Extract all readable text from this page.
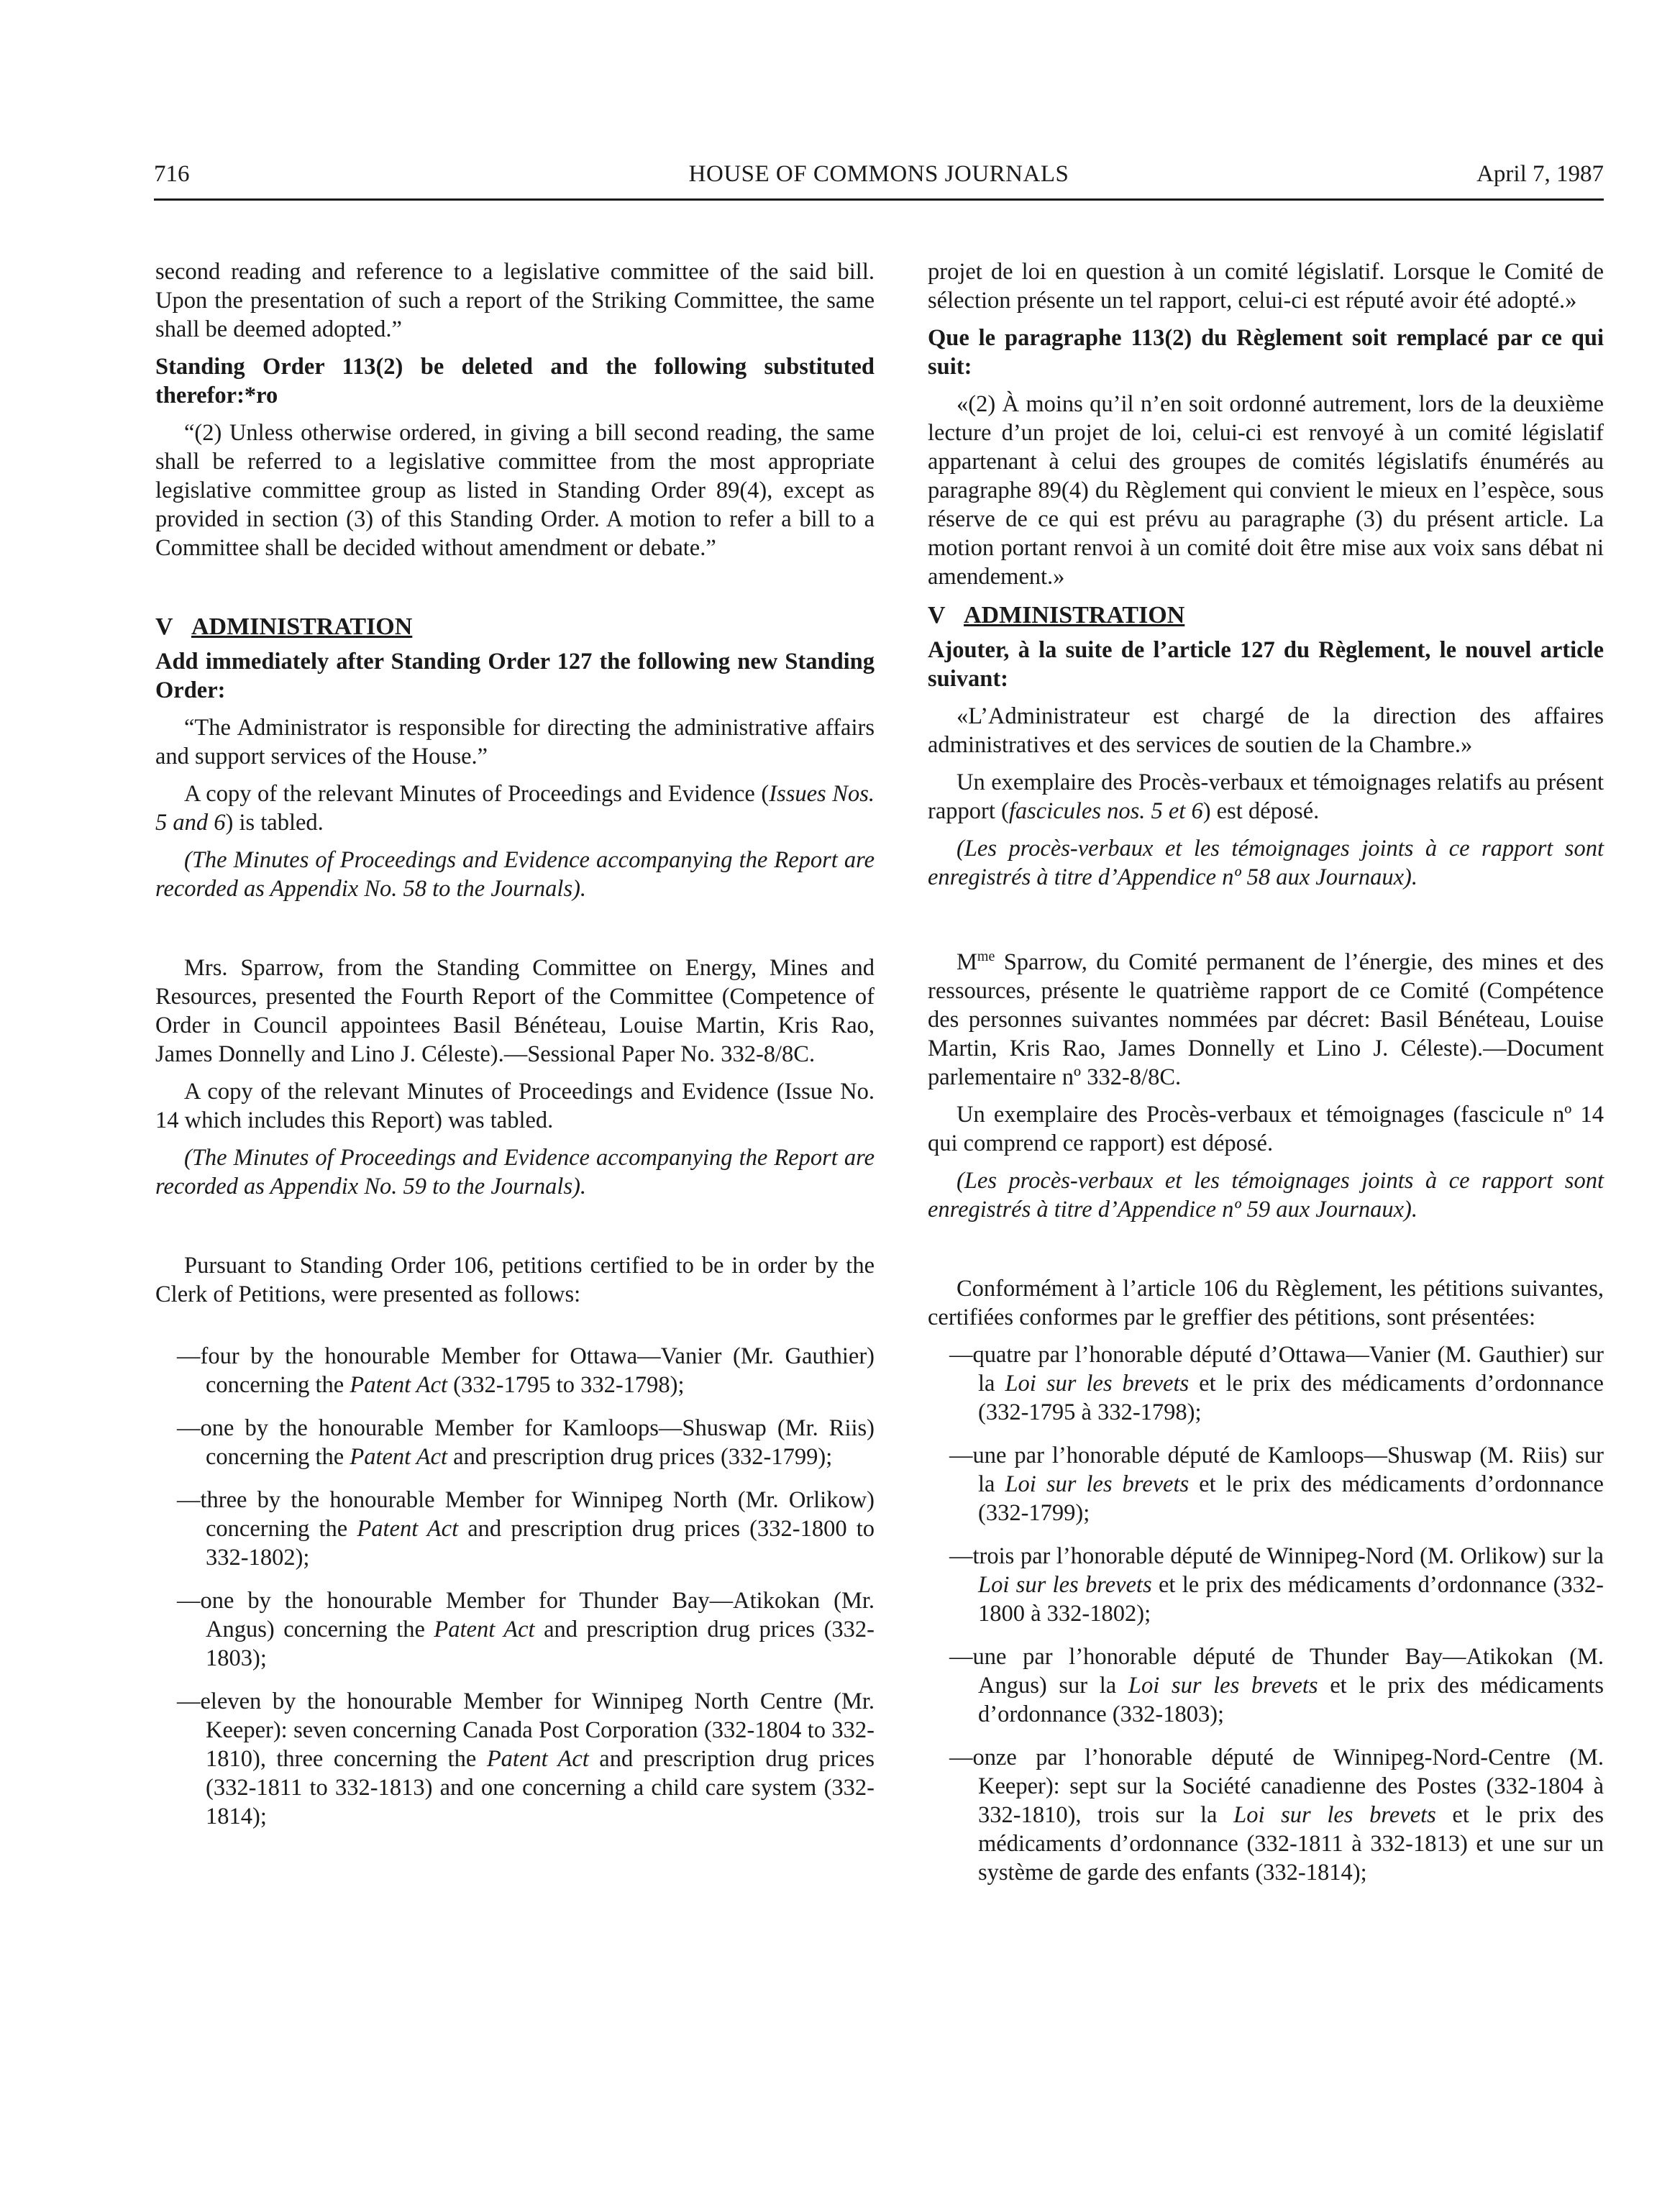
716	HOUSE OF COMMONS JOURNALS	April 7, 1987

second reading and reference to a legislative committee of the said bill. Upon the presentation of such a report of the Striking Committee, the same shall be deemed adopted.”

Standing Order 113(2) be deleted and the following substituted therefor:*ro

“(2) Unless otherwise ordered, in giving a bill second reading, the same shall be referred to a legislative committee from the most appropriate legislative committee group as listed in Standing Order 89(4), except as provided in section (3) of this Standing Order. A motion to refer a bill to a Committee shall be decided without amendment or debate.”

V ADMINISTRATION

Add immediately after Standing Order 127 the following new Standing Order:

“The Administrator is responsible for directing the administrative affairs and support services of the House.”

A copy of the relevant Minutes of Proceedings and Evidence (Issues Nos. 5 and 6) is tabled.

(The Minutes of Proceedings and Evidence accompanying the Report are recorded as Appendix No. 58 to the Journals).

Mrs. Sparrow, from the Standing Committee on Energy, Mines and Resources, presented the Fourth Report of the Committee (Competence of Order in Council appointees Basil Bénéteau, Louise Martin, Kris Rao, James Donnelly and Lino J. Céleste).—Sessional Paper No. 332-8/8C.

A copy of the relevant Minutes of Proceedings and Evidence (Issue No. 14 which includes this Report) was tabled.

(The Minutes of Proceedings and Evidence accompanying the Report are recorded as Appendix No. 59 to the Journals).

Pursuant to Standing Order 106, petitions certified to be in order by the Clerk of Petitions, were presented as follows:

—four by the honourable Member for Ottawa—Vanier (Mr. Gauthier) concerning the Patent Act (332-1795 to 332-1798);

—one by the honourable Member for Kamloops—Shuswap (Mr. Riis) concerning the Patent Act and prescription drug prices (332-1799);

—three by the honourable Member for Winnipeg North (Mr. Orlikow) concerning the Patent Act and prescription drug prices (332-1800 to 332-1802);

—one by the honourable Member for Thunder Bay—Atikokan (Mr. Angus) concerning the Patent Act and prescription drug prices (332-1803);

—eleven by the honourable Member for Winnipeg North Centre (Mr. Keeper): seven concerning Canada Post Corporation (332-1804 to 332-1810), three concerning the Patent Act and prescription drug prices (332-1811 to 332-1813) and one concerning a child care system (332-1814);

projet de loi en question à un comité législatif. Lorsque le Comité de sélection présente un tel rapport, celui-ci est réputé avoir été adopté.»

Que le paragraphe 113(2) du Règlement soit remplacé par ce qui suit:

«(2) À moins qu’il n’en soit ordonné autrement, lors de la deuxième lecture d’un projet de loi, celui-ci est renvoyé à un comité législatif appartenant à celui des groupes de comités législatifs énumérés au paragraphe 89(4) du Règlement qui convient le mieux en l’espèce, sous réserve de ce qui est prévu au paragraphe (3) du présent article. La motion portant renvoi à un comité doit être mise aux voix sans débat ni amendement.»

V ADMINISTRATION

Ajouter, à la suite de l’article 127 du Règlement, le nouvel article suivant:

«L’Administrateur est chargé de la direction des affaires administratives et des services de soutien de la Chambre.»

Un exemplaire des Procès-verbaux et témoignages relatifs au présent rapport (fascicules nos. 5 et 6) est déposé.

(Les procès-verbaux et les témoignages joints à ce rapport sont enregistrés à titre d’Appendice nº 58 aux Journaux).

$M^{me}$ Sparrow, du Comité permanent de l’énergie, des mines et des ressources, présente le quatrième rapport de ce Comité (Compétence des personnes suivantes nommées par décret: Basil Bénéteau, Louise Martin, Kris Rao, James Donnelly et Lino J. Céleste).—Document parlementaire nº 332-8/8C.

Un exemplaire des Procès-verbaux et témoignages (fascicule nº 14 qui comprend ce rapport) est déposé.

(Les procès-verbaux et les témoignages joints à ce rapport sont enregistrés à titre d’Appendice nº 59 aux Journaux).

Conformément à l’article 106 du Règlement, les pétitions suivantes, certifiées conformes par le greffier des pétitions, sont présentées:

—quatre par l’honorable député d’Ottawa—Vanier (M. Gauthier) sur la Loi sur les brevets et le prix des médicaments d’ordonnance (332-1795 à 332-1798);

—une par l’honorable député de Kamloops—Shuswap (M. Riis) sur la Loi sur les brevets et le prix des médicaments d’ordonnance (332-1799);

—trois par l’honorable député de Winnipeg-Nord (M. Orlikow) sur la Loi sur les brevets et le prix des médicaments d’ordonnance (332-1800 à 332-1802);

—une par l’honorable député de Thunder Bay—Atikokan (M. Angus) sur la Loi sur les brevets et le prix des médicaments d’ordonnance (332-1803);

—onze par l’honorable député de Winnipeg-Nord-Centre (M. Keeper): sept sur la Société canadienne des Postes (332-1804 à 332-1810), trois sur la Loi sur les brevets et le prix des médicaments d’ordonnance (332-1811 à 332-1813) et une sur un système de garde des enfants (332-1814);
